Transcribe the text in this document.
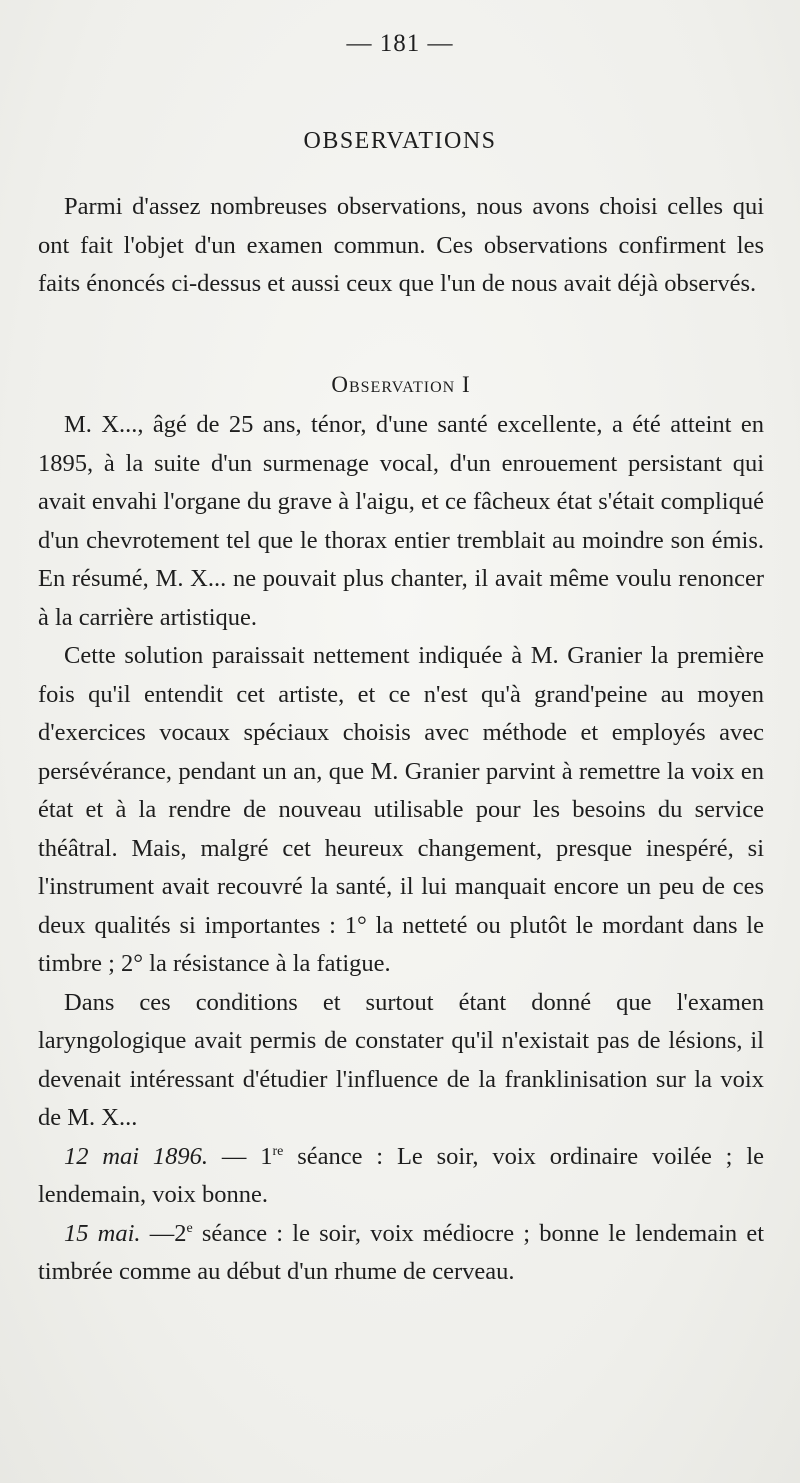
— 181 —
OBSERVATIONS

Parmi d'assez nombreuses observations, nous avons choisi celles qui ont fait l'objet d'un examen commun. Ces observations confirment les faits énoncés ci-dessus et aussi ceux que l'un de nous avait déjà observés.

Observation I

M. X..., âgé de 25 ans, ténor, d'une santé excellente, a été atteint en 1895, à la suite d'un surmenage vocal, d'un enrouement persistant qui avait envahi l'organe du grave à l'aigu, et ce fâcheux état s'était compliqué d'un chevrotement tel que le thorax entier tremblait au moindre son émis. En résumé, M. X... ne pouvait plus chanter, il avait même voulu renoncer à la carrière artistique.

Cette solution paraissait nettement indiquée à M. Granier la première fois qu'il entendit cet artiste, et ce n'est qu'à grand'peine au moyen d'exercices vocaux spéciaux choisis avec méthode et employés avec persévérance, pendant un an, que M. Granier parvint à remettre la voix en état et à la rendre de nouveau utilisable pour les besoins du service théâtral. Mais, malgré cet heureux changement, presque inespéré, si l'instrument avait recouvré la santé, il lui manquait encore un peu de ces deux qualités si importantes : 1° la netteté ou plutôt le mordant dans le timbre ; 2° la résistance à la fatigue.

Dans ces conditions et surtout étant donné que l'examen laryngologique avait permis de constater qu'il n'existait pas de lésions, il devenait intéressant d'étudier l'influence de la franklinisation sur la voix de M. X...

12 mai 1896. — 1re séance : Le soir, voix ordinaire voilée ; le lendemain, voix bonne.

15 mai. —2e séance : le soir, voix médiocre ; bonne le lendemain et timbrée comme au début d'un rhume de cerveau.
